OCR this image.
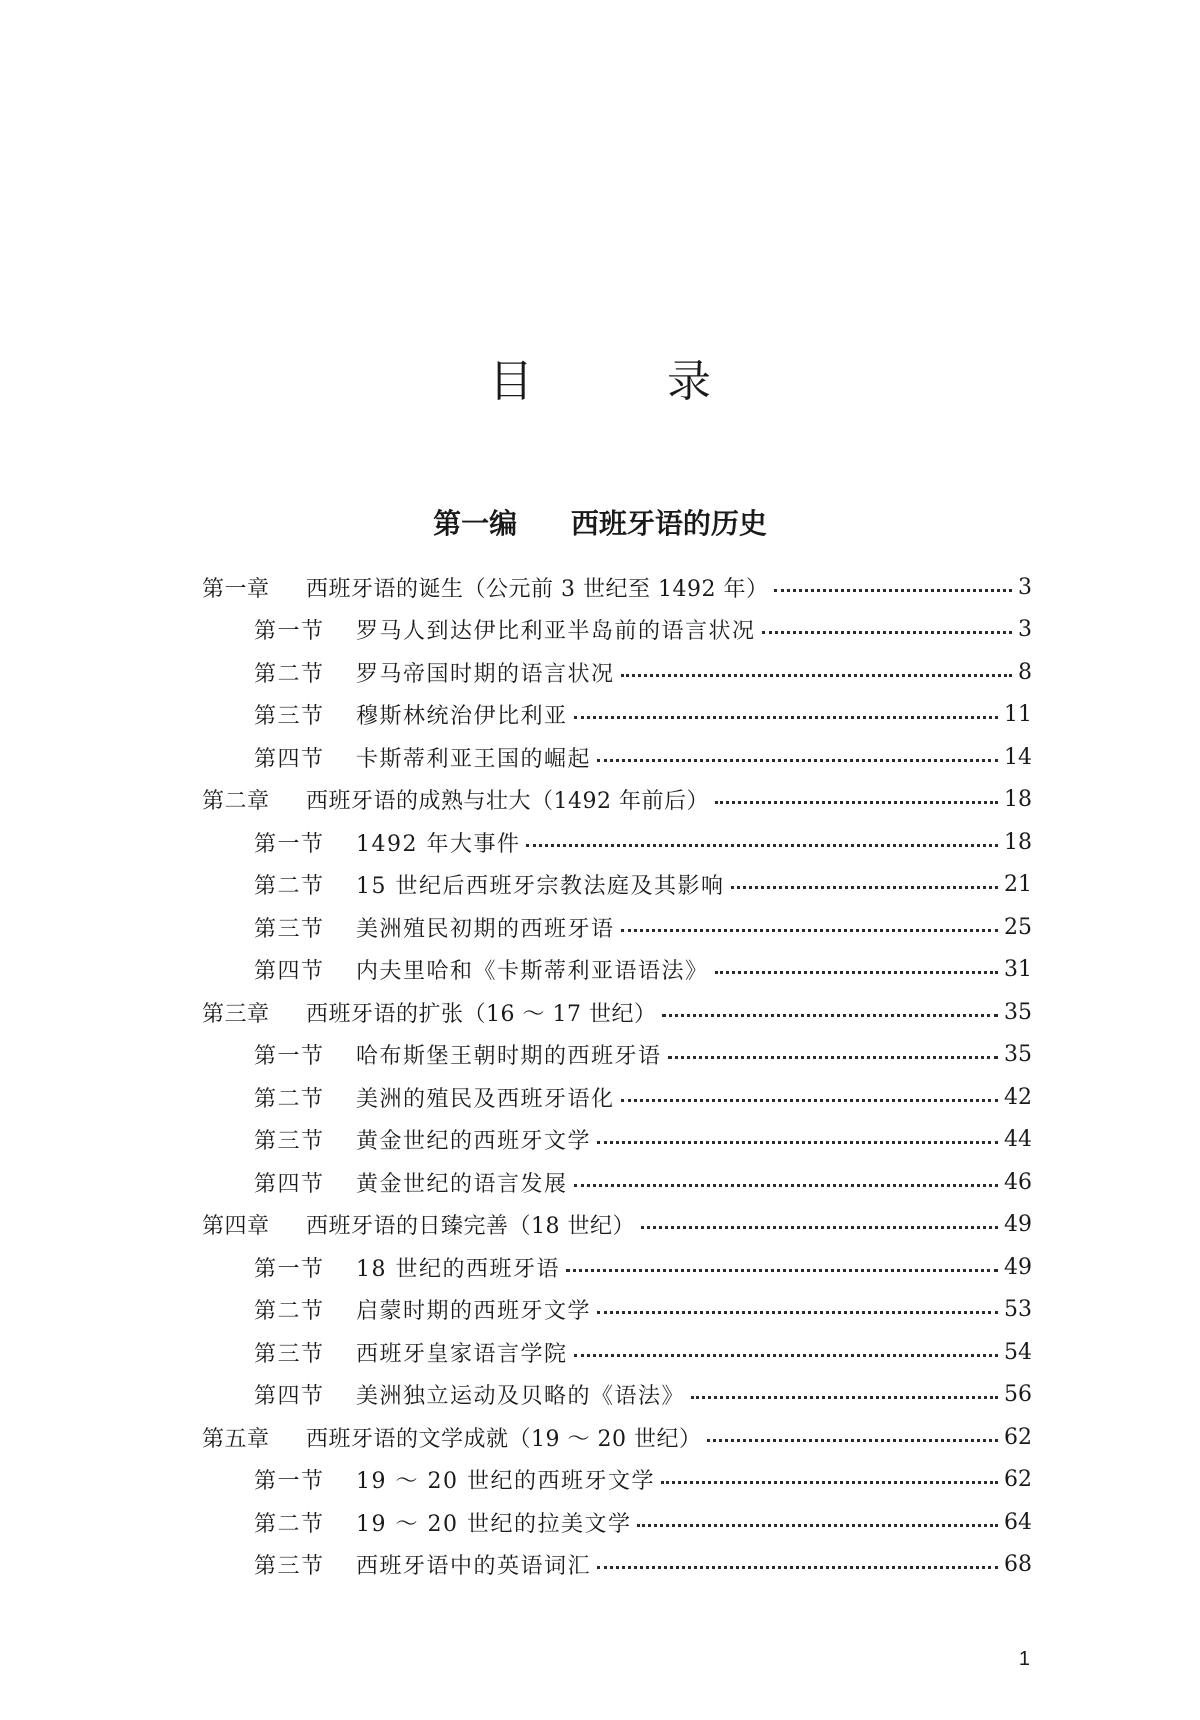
目	录
第一编 西班牙语的历史
第一章	西班牙语的诞生（公元前 3 世纪至 1492 年）	3
第一节	罗马人到达伊比利亚半岛前的语言状况	3
第二节	罗马帝国时期的语言状况	8
第三节	穆斯林统治伊比利亚	11
第四节	卡斯蒂利亚王国的崛起	14
第二章	西班牙语的成熟与壮大（1492 年前后）	18
第一节	1492 年大事件	18
第二节	15 世纪后西班牙宗教法庭及其影响	21
第三节	美洲殖民初期的西班牙语	25
第四节	内夫里哈和《卡斯蒂利亚语语法》	31
第三章	西班牙语的扩张（16 ～ 17 世纪）	35
第一节	哈布斯堡王朝时期的西班牙语	35
第二节	美洲的殖民及西班牙语化	42
第三节	黄金世纪的西班牙文学	44
第四节	黄金世纪的语言发展	46
第四章	西班牙语的日臻完善（18 世纪）	49
第一节	18 世纪的西班牙语	49
第二节	启蒙时期的西班牙文学	53
第三节	西班牙皇家语言学院	54
第四节	美洲独立运动及贝略的《语法》	56
第五章	西班牙语的文学成就（19 ～ 20 世纪）	62
第一节	19 ～ 20 世纪的西班牙文学	62
第二节	19 ～ 20 世纪的拉美文学	64
第三节	西班牙语中的英语词汇	68
1
